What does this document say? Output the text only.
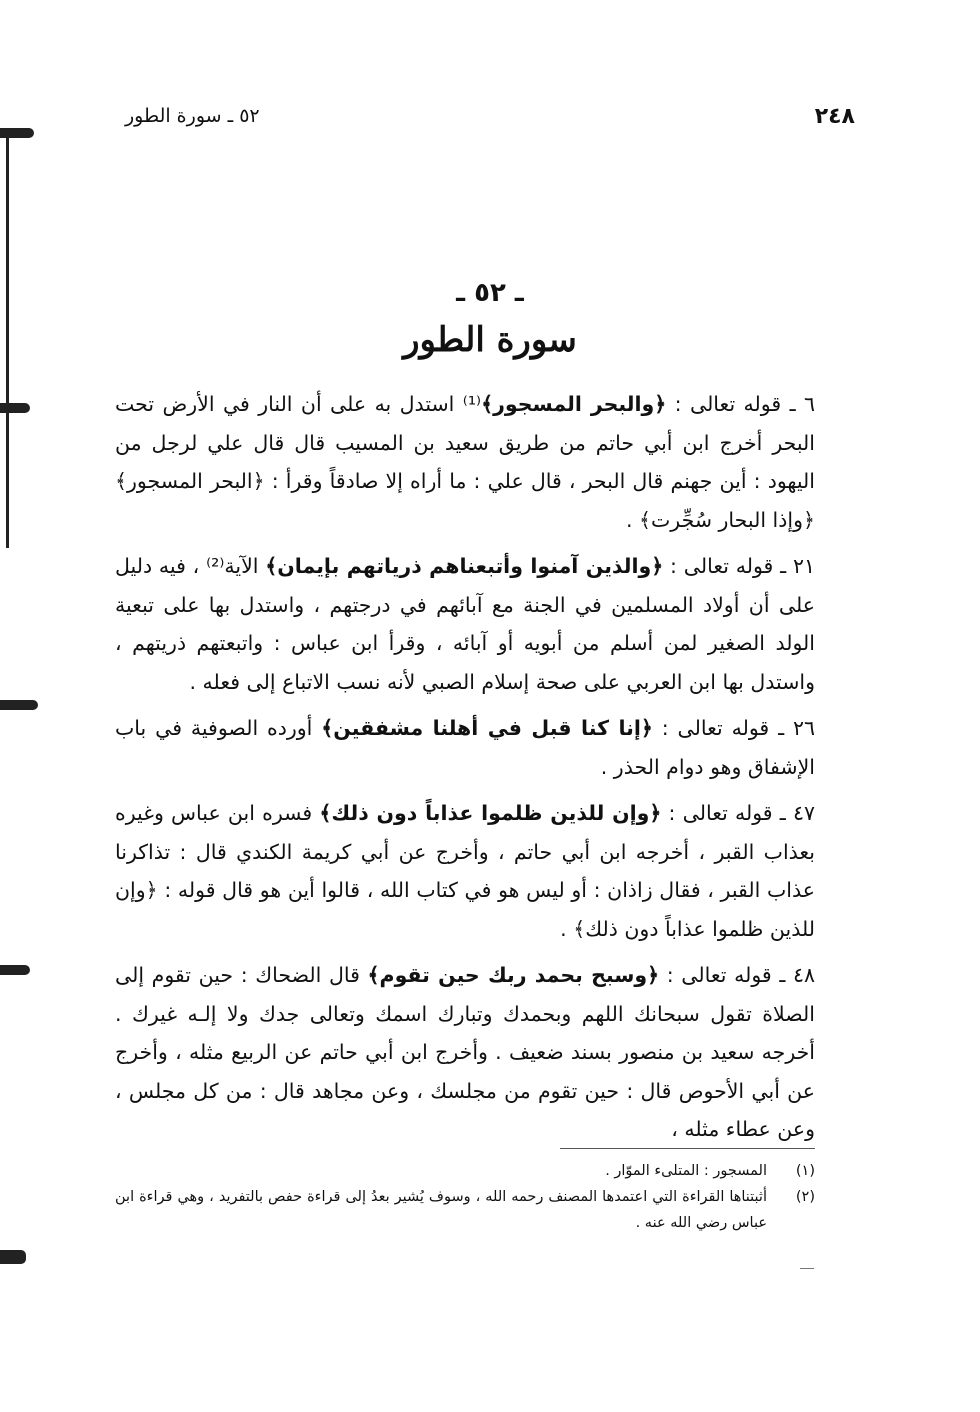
٢٤٨
٥٢ ـ سورة الطور
ـ ٥٢ ـ
سورة الطور

٦ ـ قوله تعالى : ﴿والبحر المسجور﴾⁽¹⁾ استدل به على أن النار في الأرض تحت البحر أخرج ابن أبي حاتم من طريق سعيد بن المسيب قال قال علي لرجل من اليهود : أين جهنم قال البحر ، قال علي : ما أراه إلا صادقاً وقرأ : ﴿البحر المسجور﴾ ﴿وإذا البحار سُجِّرت﴾ .

٢١ ـ قوله تعالى : ﴿والذين آمنوا وأتبعناهم ذرياتهم بإيمان﴾ الآية⁽²⁾ ، فيه دليل على أن أولاد المسلمين في الجنة مع آبائهم في درجتهم ، واستدل بها على تبعية الولد الصغير لمن أسلم من أبويه أو آبائه ، وقرأ ابن عباس : واتبعتهم ذريتهم ، واستدل بها ابن العربي على صحة إسلام الصبي لأنه نسب الاتباع إلى فعله .

٢٦ ـ قوله تعالى : ﴿إنا كنا قبل في أهلنا مشفقين﴾ أورده الصوفية في باب الإشفاق وهو دوام الحذر .

٤٧ ـ قوله تعالى : ﴿وإن للذين ظلموا عذاباً دون ذلك﴾ فسره ابن عباس وغيره بعذاب القبر ، أخرجه ابن أبي حاتم ، وأخرج عن أبي كريمة الكندي قال : تذاكرنا عذاب القبر ، فقال زاذان : أو ليس هو في كتاب الله ، قالوا أين هو قال قوله : ﴿وإن للذين ظلموا عذاباً دون ذلك﴾ .

٤٨ ـ قوله تعالى : ﴿وسبح بحمد ربك حين تقوم﴾ قال الضحاك : حين تقوم إلى الصلاة تقول سبحانك اللهم وبحمدك وتبارك اسمك وتعالى جدك ولا إلـه غيرك . أخرجه سعيد بن منصور بسند ضعيف . وأخرج ابن أبي حاتم عن الربيع مثله ، وأخرج عن أبي الأحوص قال : حين تقوم من مجلسك ، وعن مجاهد قال : من كل مجلس ، وعن عطاء مثله ،

(١)
المسجور : المتلىء الموّار .
(٢)
أثبتناها القراءة التي اعتمدها المصنف رحمه الله ، وسوف يُشير بعدُ إلى قراءة حفص بالتفريد ، وهي قراءة ابن عباس رضي الله عنه .
